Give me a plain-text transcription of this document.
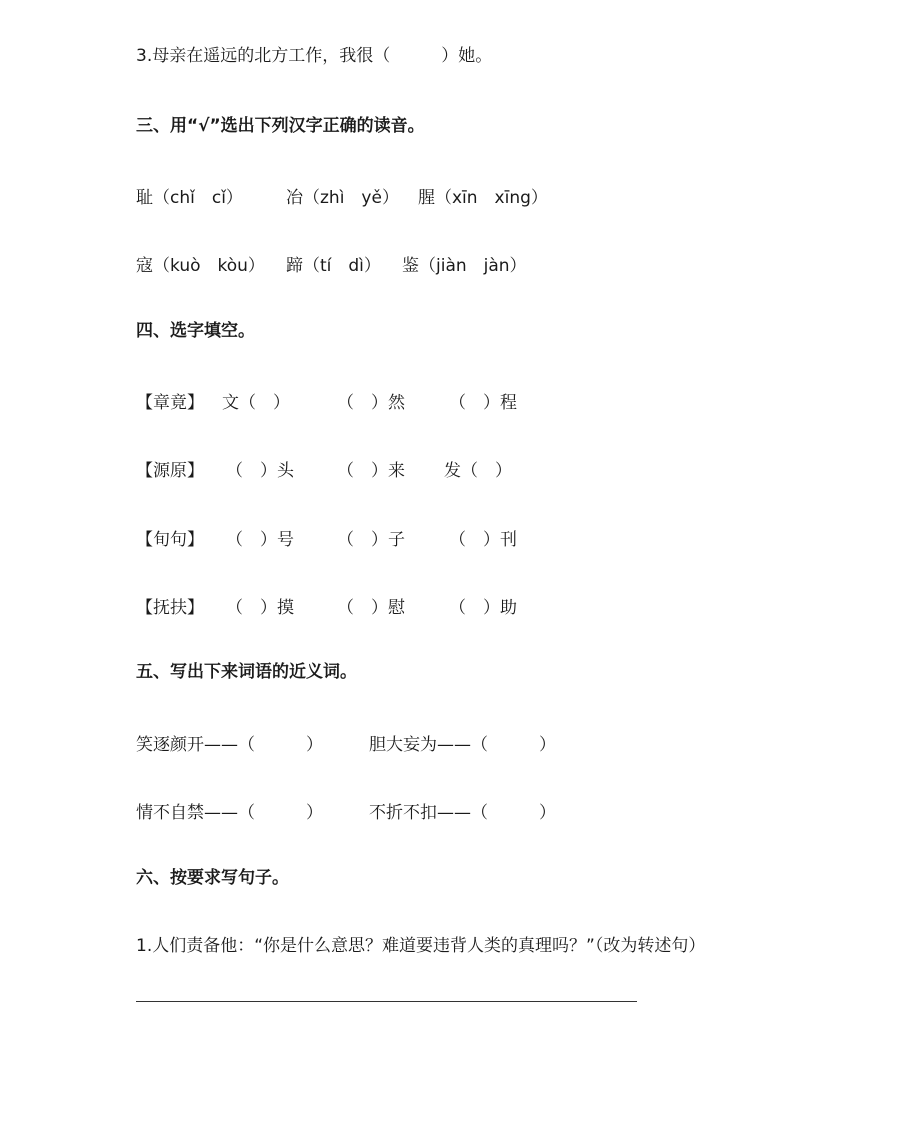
3.母亲在遥远的北方工作，我很（　　　）她。
三、用“√”选出下列汉字正确的读音。
耻（chǐ　cǐ）	冶（zhì　yě） 腥（xīn　xīng）
寇（kuò　kòu） 蹄（tí　dì） 鉴（jiàn　jàn）
四、选字填空。
【章竟】 文（　）	（　）然	（　）程
【源原】 （　）头	（　）来 发（　）
【旬句】 （　）号	（　）子	（　）刊
【抚扶】 （　）摸	（　）慰	（　）助
五、写出下来词语的近义词。
笑逐颜开——（　　　）	胆大妄为——（　　　）
情不自禁——（　　　）	不折不扣——（　　　）
六、按要求写句子。
1.人们责备他：“你是什么意思？难道要违背人类的真理吗？”（改为转述句）
